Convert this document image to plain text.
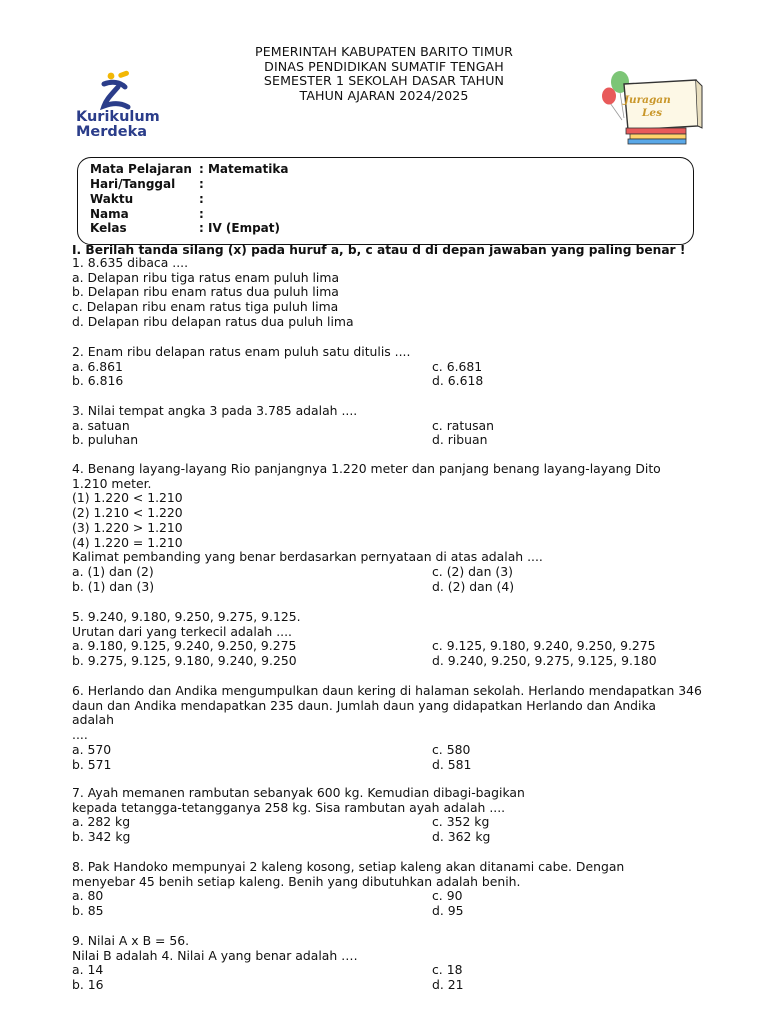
PEMERINTAH KABUPATEN BARITO TIMUR
DINAS PENDIDIKAN SUMATIF TENGAH
SEMESTER 1 SEKOLAH DASAR TAHUN
TAHUN AJARAN 2024/2025
Kurikulum
Merdeka
Juragan
Les
Mata Pelajaran : Matematika
Hari/Tanggal :
Waktu	:
Nama	:
Kelas	: IV (Empat)
I. Berilah tanda silang (x) pada huruf a, b, c atau d di depan jawaban yang paling benar !
1. 8.635 dibaca ....
a. Delapan ribu tiga ratus enam puluh lima
b. Delapan ribu enam ratus dua puluh lima
c. Delapan ribu enam ratus tiga puluh lima
d. Delapan ribu delapan ratus dua puluh lima
2. Enam ribu delapan ratus enam puluh satu ditulis ....
a. 6.861	c. 6.681
b. 6.816	d. 6.618
3. Nilai tempat angka 3 pada 3.785 adalah ....
a. satuan	c. ratusan
b. puluhan	d. ribuan
4. Benang layang-layang Rio panjangnya 1.220 meter dan panjang benang layang-layang Dito
1.210 meter.
(1) 1.220 < 1.210
(2) 1.210 < 1.220
(3) 1.220 > 1.210
(4) 1.220 = 1.210
Kalimat pembanding yang benar berdasarkan pernyataan di atas adalah ....
a. (1) dan (2)	c. (2) dan (3)
b. (1) dan (3)	d. (2) dan (4)
5. 9.240, 9.180, 9.250, 9.275, 9.125.
Urutan dari yang terkecil adalah ....
a. 9.180, 9.125, 9.240, 9.250, 9.275	c. 9.125, 9.180, 9.240, 9.250, 9.275
b. 9.275, 9.125, 9.180, 9.240, 9.250	d. 9.240, 9.250, 9.275, 9.125, 9.180
6. Herlando dan Andika mengumpulkan daun kering di halaman sekolah. Herlando mendapatkan 346
daun dan Andika mendapatkan 235 daun. Jumlah daun yang didapatkan Herlando dan Andika
adalah
....
a. 570	c. 580
b. 571	d. 581
7. Ayah memanen rambutan sebanyak 600 kg. Kemudian dibagi-bagikan
kepada tetangga-tetangganya 258 kg. Sisa rambutan ayah adalah ....
a. 282 kg	c. 352 kg
b. 342 kg	d. 362 kg
8. Pak Handoko mempunyai 2 kaleng kosong, setiap kaleng akan ditanami cabe. Dengan
menyebar 45 benih setiap kaleng. Benih yang dibutuhkan adalah benih.
a. 80	c. 90
b. 85	d. 95
9. Nilai A x B = 56.
Nilai B adalah 4. Nilai A yang benar adalah ….
a. 14	c. 18
b. 16	d. 21
